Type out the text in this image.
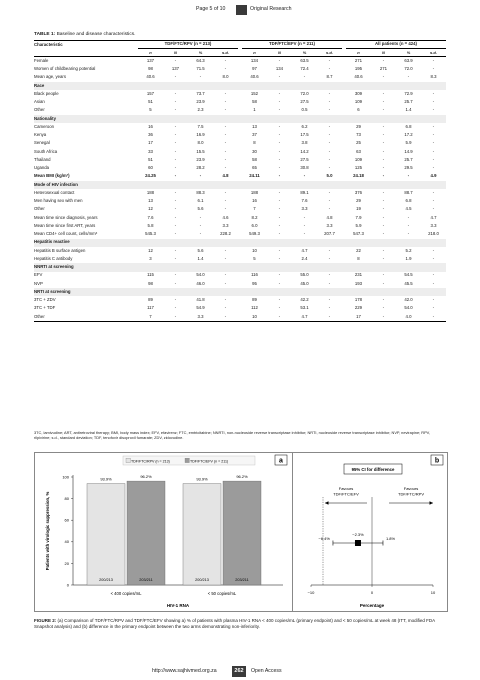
Page 5 of 10	Original Research
TABLE 1: Baseline and disease characteristics.
Characteristic	TDF/FTC/RPV (n = 213)					TDF/FTC/EFV (n = 211)					All patients (n = 424)			
	n	N	%	s.d.		n	N	%	s.d.		n	N	%	s.d.
Female	137	-	64.3	-		134	-	63.5	-		271	-	63.9	-
Women of childbearing potential	98	137	71.5	-		97	134	72.4	-		195	271	72.0	-
Mean age, years	40.6	-	-	8.0		40.6	-	-	8.7		40.6	-	-	8.3
Race														
Black people	157	-	73.7	-		152	-	72.0	-		309	-	72.9	-
Asian	51	-	23.9	-		58	-	27.5	-		109	-	25.7	-
Other	5	-	2.3	-		1	-	0.5	-		6	-	1.4	-
Nationality														
Cameroon	16	-	7.5	-		13	-	6.2	-		29	-	6.8	-
Kenya	36	-	16.9	-		37	-	17.5	-		73	-	17.2	-
Senegal	17	-	8.0	-		8	-	3.8	-		25	-	5.9	-
South Africa	33	-	15.5	-		30	-	14.2	-		63	-	14.9	-
Thailand	51	-	23.9	-		58	-	27.5	-		109	-	25.7	-
Uganda	60	-	28.2	-		65	-	30.8	-		125	-	29.5	-
Mean BMI (kg/m²)	24.25	-	-	4.8		24.11	-	-	5.0		24.18	-	-	4.9
Mode of HIV infection														
Heterosexual contact	188	-	88.3	-		188	-	89.1	-		376	-	88.7	-
Men having sex with men	13	-	6.1	-		16	-	7.6	-		29	-	6.8	-
Other	12	-	5.6	-		7	-	3.3	-		19	-	4.5	-
Mean time since diagnosis, years	7.6	-	-	4.6		8.2	-	-	4.8		7.9	-	-	4.7
Mean time since first ART, years	5.8	-	-	3.3		6.0	-	-	3.3		5.9	-	-	3.3
Mean CD4+ cell count, cells/mm³	545.3	-	-	228.2		549.3	-	-	207.7		547.3	-	-	218.0
Hepatitis reactive														
Hepatitis B surface antigen	12	-	5.6	-		10	-	4.7	-		22	-	5.2	-
Hepatitis C antibody	3	-	1.4	-		5	-	2.4	-		8	-	1.9	-
NNRTI at screening														
EFV	115	-	54.0	-		116	-	55.0	-		231	-	54.5	-
NVP	98	-	46.0	-		95	-	45.0	-		193	-	45.5	-
NRTI at screening														
3TC + ZDV	89	-	41.8	-		89	-	42.2	-		178	-	42.0	-
3TC + TDF	117	-	54.9	-		112	-	53.1	-		229	-	54.0	-
Other	7	-	3.3	-		10	-	4.7	-		17	-	4.0	-
3TC, lamivudine; ART, antiretroviral therapy; BMI, body mass index; EFV, efavirenz; FTC, emtricitabine; NNRTI, non-nucleoside reverse transcriptase inhibitor; NRTI, nucleoside reverse transcriptase inhibitor; NVP, nevirapine; RPV, rilpivirine; s.d., standard deviation; TDF, tenofovir disoproxil fumarate; ZDV, zidovudine.
a
TDF/FTC/RPV (n = 213)	TDF/FTC/EFV (n = 211)
0
20
40
60
80
100
Patients with virologic suppression, %
93.9%
200/213
96.2%
203/211
< 400 copies/mL
93.9%
200/213
96.2%
203/211
< 50 copies/mL
HIV-1 RNA
b
95% CI for difference
Favours TDF/FTC/EFV
Favours TDF/FTC/RPV
−10	0	10
Percentage
−2.3%
−6.4%	1.8%
FIGURE 2: (a) Comparison of TDF/FTC/RPV and TDF/FTC/EFV showing a) % of patients with plasma HIV-1 RNA < 400 copies/mL (primary endpoint) and < 50 copies/mL at week 48 (ITT, modified FDA Snapshot analysis) and (b) difference in the primary endpoint between the two arms demonstrating non-inferiority.
http://www.sajhivmed.org.za	262	Open Access
